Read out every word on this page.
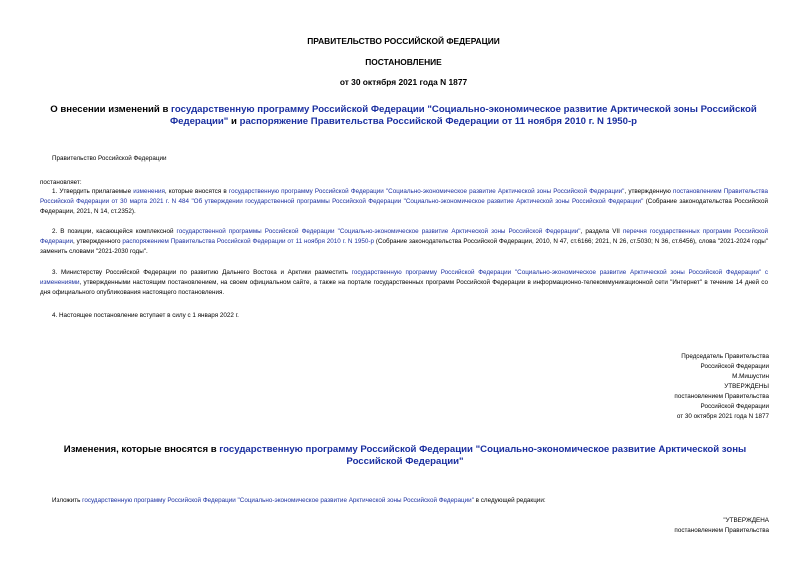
ПРАВИТЕЛЬСТВО РОССИЙСКОЙ ФЕДЕРАЦИИ
ПОСТАНОВЛЕНИЕ
от 30 октября 2021 года N 1877
О внесении изменений в государственную программу Российской Федерации "Социально-экономическое развитие Арктической зоны Российской Федерации" и распоряжение Правительства Российской Федерации от 11 ноября 2010 г. N 1950-р
Правительство Российской Федерации
постановляет:
1. Утвердить прилагаемые изменения, которые вносятся в государственную программу Российской Федерации "Социально-экономическое развитие Арктической зоны Российской Федерации", утвержденную постановлением Правительства Российской Федерации от 30 марта 2021 г. N 484 "Об утверждении государственной программы Российской Федерации "Социально-экономическое развитие Арктической зоны Российской Федерации" (Собрание законодательства Российской Федерации, 2021, N 14, ст.2352).
2. В позиции, касающейся комплексной государственной программы Российской Федерации "Социально-экономическое развитие Арктической зоны Российской Федерации", раздела VII перечня государственных программ Российской Федерации, утвержденного распоряжением Правительства Российской Федерации от 11 ноября 2010 г. N 1950-р (Собрание законодательства Российской Федерации, 2010, N 47, ст.6166; 2021, N 26, ст.5030; N 36, ст.6456), слова "2021-2024 годы" заменить словами "2021-2030 годы".
3. Министерству Российской Федерации по развитию Дальнего Востока и Арктики разместить государственную программу Российской Федерации "Социально-экономическое развитие Арктической зоны Российской Федерации" с изменениями, утвержденными настоящим постановлением, на своем официальном сайте, а также на портале государственных программ Российской Федерации в информационно-телекоммуникационной сети "Интернет" в течение 14 дней со дня официального опубликования настоящего постановления.
4. Настоящее постановление вступает в силу с 1 января 2022 г.
Председатель Правительства
Российской Федерации
М.Мишустин
УТВЕРЖДЕНЫ
постановлением Правительства
Российской Федерации
от 30 октября 2021 года N 1877
Изменения, которые вносятся в государственную программу Российской Федерации "Социально-экономическое развитие Арктической зоны Российской Федерации"
Изложить государственную программу Российской Федерации "Социально-экономическое развитие Арктической зоны Российской Федерации" в следующей редакции:
"УТВЕРЖДЕНА
постановлением Правительства
